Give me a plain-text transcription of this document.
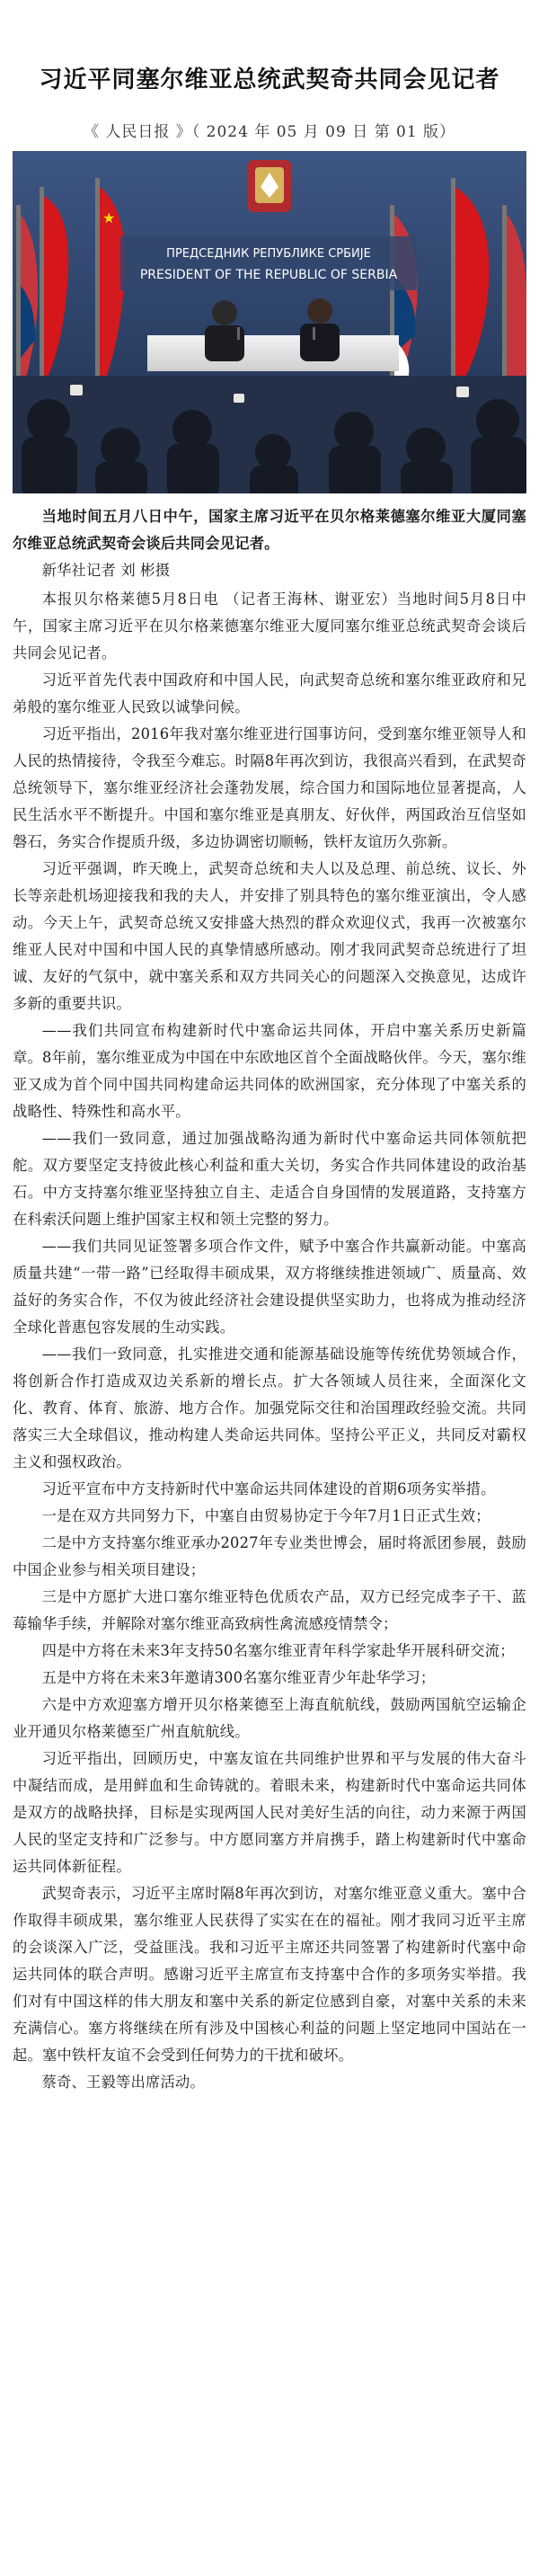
习近平同塞尔维亚总统武契奇共同会见记者
《 人民日报 》（ 2024 年 05 月 09 日 第 01 版）
★
ПРЕДСЕДНИК РЕПУБЛИКЕ СРБИЈЕ
PRESIDENT OF THE REPUBLIC OF SERBIA

当地时间五月八日中午，国家主席习近平在贝尔格莱德塞尔维亚大厦同塞尔维亚总统武契奇会谈后共同会见记者。

新华社记者 刘 彬摄

本报贝尔格莱德5月8日电 （记者王海林、谢亚宏）当地时间5月8日中午，国家主席习近平在贝尔格莱德塞尔维亚大厦同塞尔维亚总统武契奇会谈后共同会见记者。

习近平首先代表中国政府和中国人民，向武契奇总统和塞尔维亚政府和兄弟般的塞尔维亚人民致以诚挚问候。

习近平指出，2016年我对塞尔维亚进行国事访问，受到塞尔维亚领导人和人民的热情接待，令我至今难忘。时隔8年再次到访，我很高兴看到，在武契奇总统领导下，塞尔维亚经济社会蓬勃发展，综合国力和国际地位显著提高，人民生活水平不断提升。中国和塞尔维亚是真朋友、好伙伴，两国政治互信坚如磐石，务实合作提质升级，多边协调密切顺畅，铁杆友谊历久弥新。

习近平强调，昨天晚上，武契奇总统和夫人以及总理、前总统、议长、外长等亲赴机场迎接我和我的夫人，并安排了别具特色的塞尔维亚演出，令人感动。今天上午，武契奇总统又安排盛大热烈的群众欢迎仪式，我再一次被塞尔维亚人民对中国和中国人民的真挚情感所感动。刚才我同武契奇总统进行了坦诚、友好的气氛中，就中塞关系和双方共同关心的问题深入交换意见，达成许多新的重要共识。

——我们共同宣布构建新时代中塞命运共同体，开启中塞关系历史新篇章。8年前，塞尔维亚成为中国在中东欧地区首个全面战略伙伴。今天，塞尔维亚又成为首个同中国共同构建命运共同体的欧洲国家，充分体现了中塞关系的战略性、特殊性和高水平。

——我们一致同意，通过加强战略沟通为新时代中塞命运共同体领航把舵。双方要坚定支持彼此核心利益和重大关切，务实合作共同体建设的政治基石。中方支持塞尔维亚坚持独立自主、走适合自身国情的发展道路，支持塞方在科索沃问题上维护国家主权和领土完整的努力。

——我们共同见证签署多项合作文件，赋予中塞合作共赢新动能。中塞高质量共建“一带一路”已经取得丰硕成果，双方将继续推进领域广、质量高、效益好的务实合作，不仅为彼此经济社会建设提供坚实助力，也将成为推动经济全球化普惠包容发展的生动实践。

——我们一致同意，扎实推进交通和能源基础设施等传统优势领域合作，将创新合作打造成双边关系新的增长点。扩大各领域人员往来，全面深化文化、教育、体育、旅游、地方合作。加强党际交往和治国理政经验交流。共同落实三大全球倡议，推动构建人类命运共同体。坚持公平正义，共同反对霸权主义和强权政治。

习近平宣布中方支持新时代中塞命运共同体建设的首期6项务实举措。

一是在双方共同努力下，中塞自由贸易协定于今年7月1日正式生效；

二是中方支持塞尔维亚承办2027年专业类世博会，届时将派团参展，鼓励中国企业参与相关项目建设；

三是中方愿扩大进口塞尔维亚特色优质农产品，双方已经完成李子干、蓝莓输华手续，并解除对塞尔维亚高致病性禽流感疫情禁令；

四是中方将在未来3年支持50名塞尔维亚青年科学家赴华开展科研交流；

五是中方将在未来3年邀请300名塞尔维亚青少年赴华学习；

六是中方欢迎塞方增开贝尔格莱德至上海直航航线，鼓励两国航空运输企业开通贝尔格莱德至广州直航航线。

习近平指出，回顾历史，中塞友谊在共同维护世界和平与发展的伟大奋斗中凝结而成，是用鲜血和生命铸就的。着眼未来，构建新时代中塞命运共同体是双方的战略抉择，目标是实现两国人民对美好生活的向往，动力来源于两国人民的坚定支持和广泛参与。中方愿同塞方并肩携手，踏上构建新时代中塞命运共同体新征程。

武契奇表示，习近平主席时隔8年再次到访，对塞尔维亚意义重大。塞中合作取得丰硕成果，塞尔维亚人民获得了实实在在的福祉。刚才我同习近平主席的会谈深入广泛，受益匪浅。我和习近平主席还共同签署了构建新时代塞中命运共同体的联合声明。感谢习近平主席宣布支持塞中合作的多项务实举措。我们对有中国这样的伟大朋友和塞中关系的新定位感到自豪，对塞中关系的未来充满信心。塞方将继续在所有涉及中国核心利益的问题上坚定地同中国站在一起。塞中铁杆友谊不会受到任何势力的干扰和破坏。

蔡奇、王毅等出席活动。
